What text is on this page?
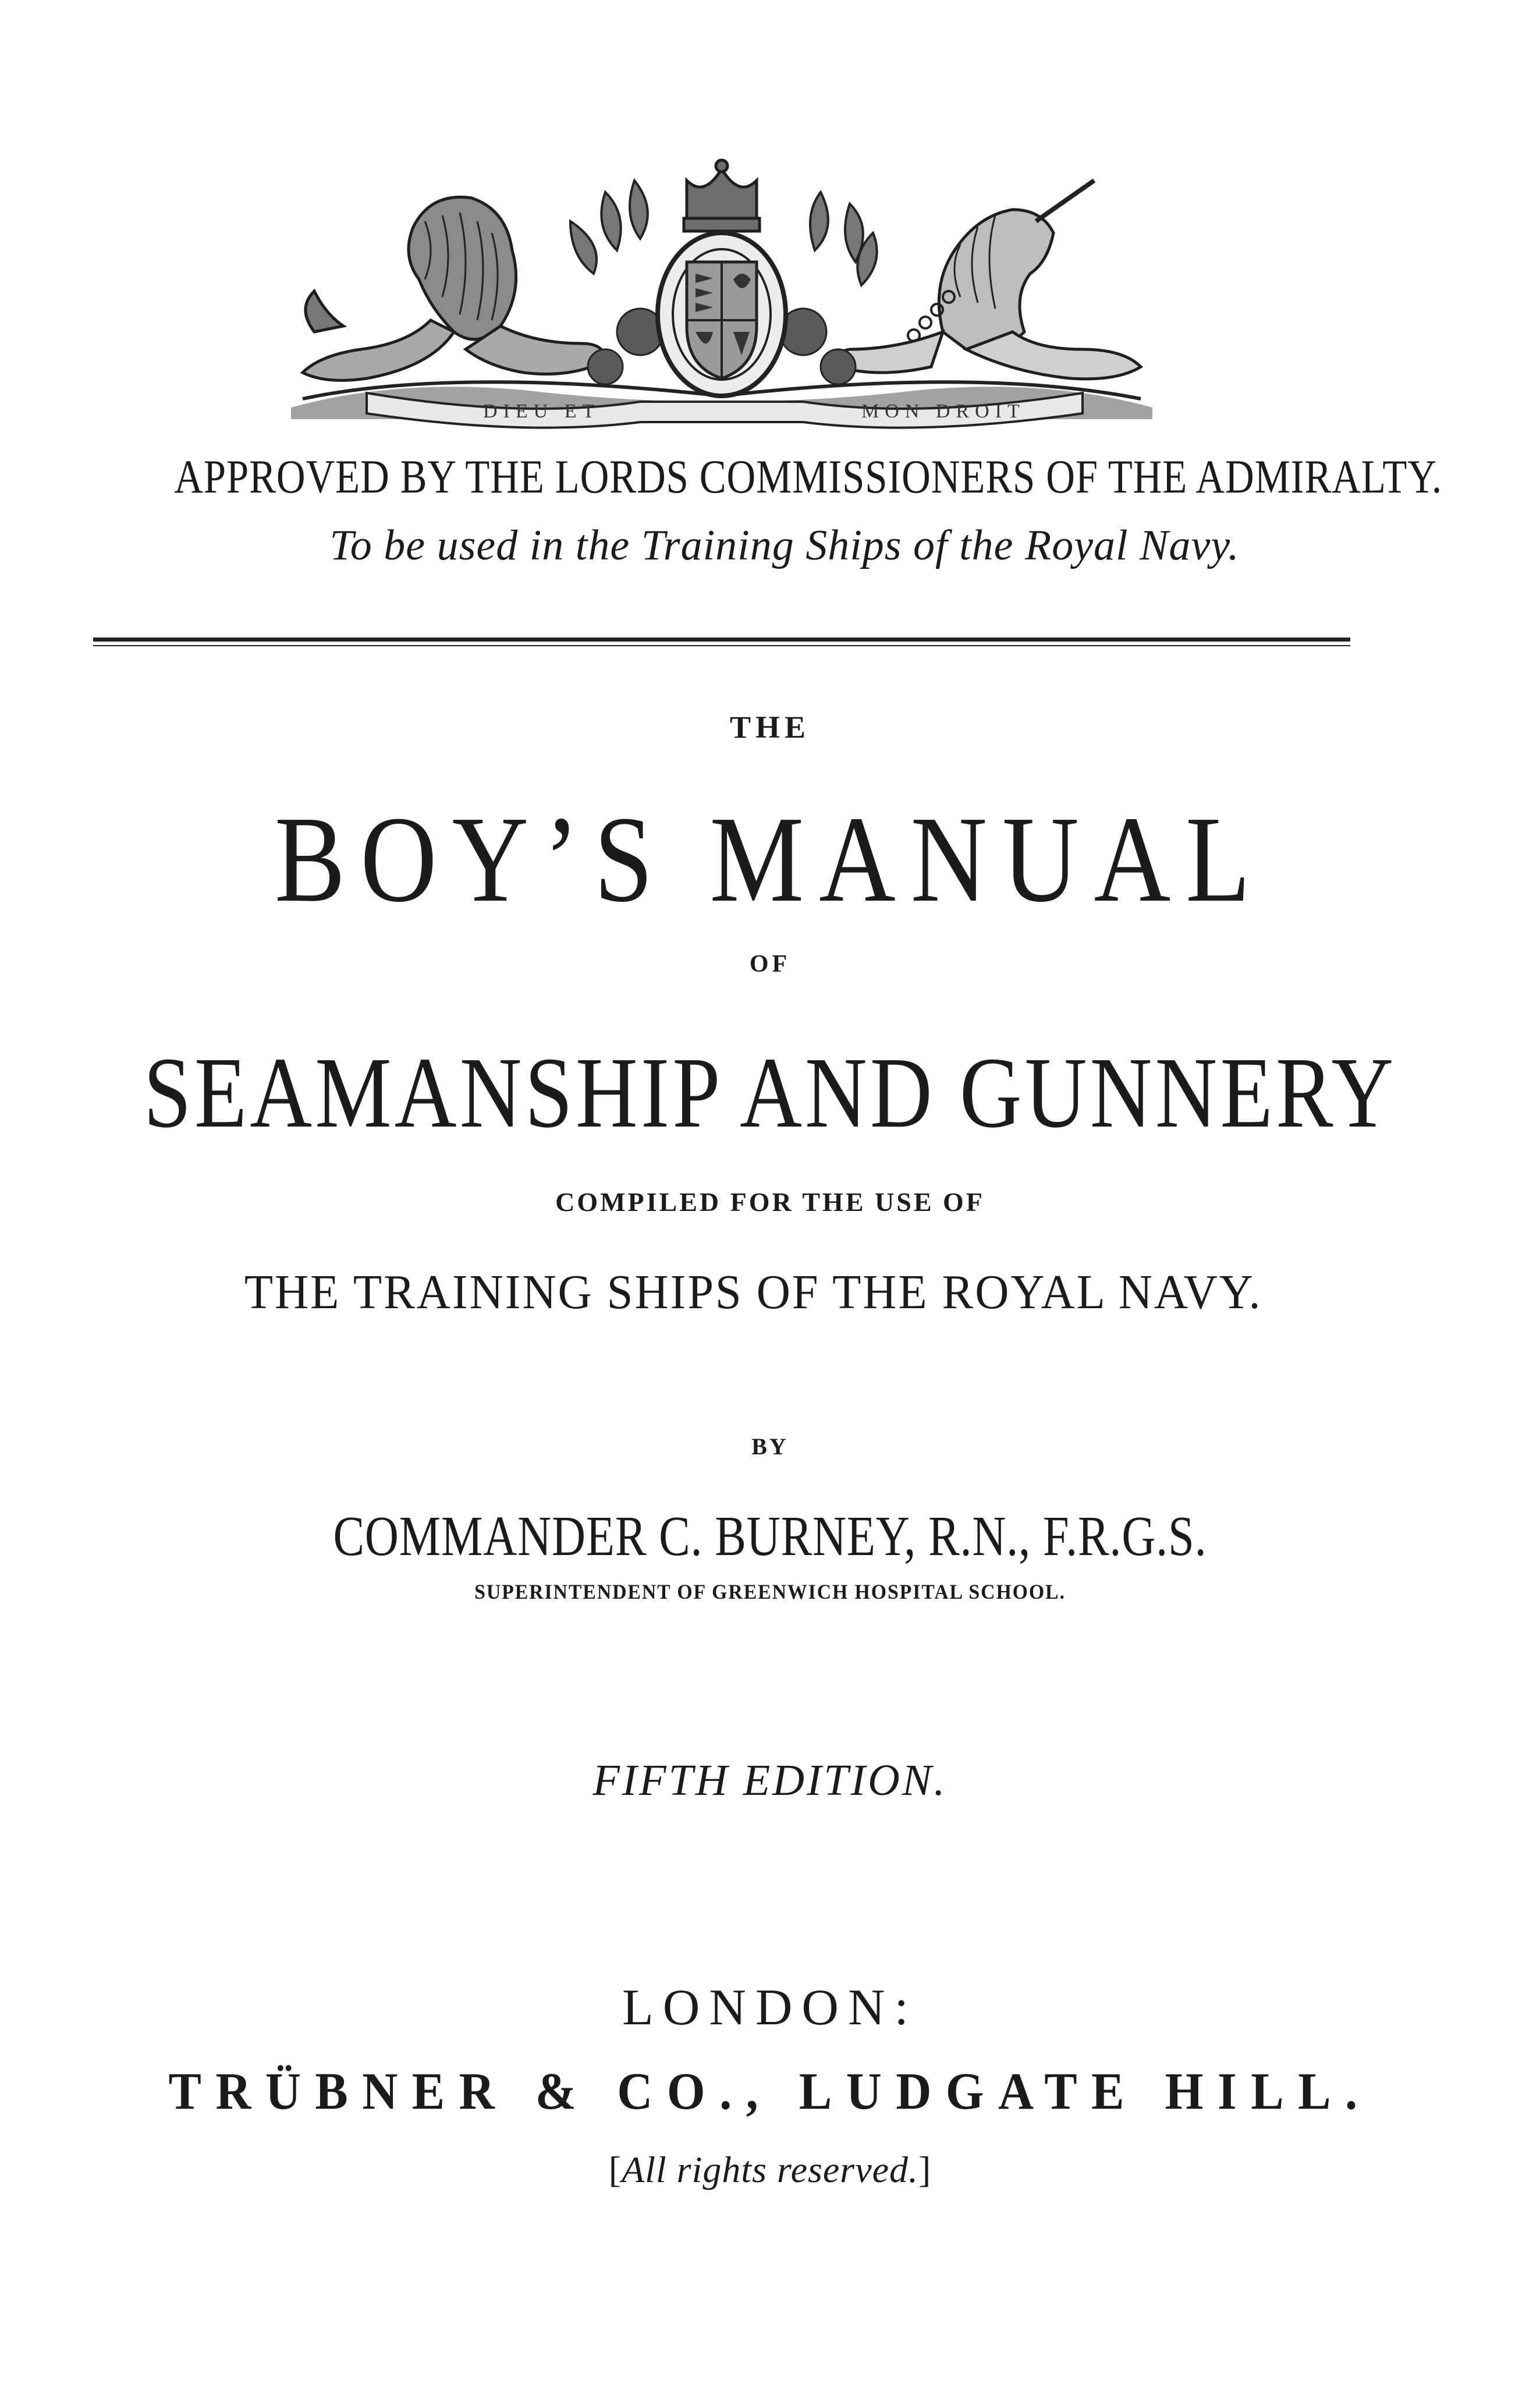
DIEU ET	MON DROIT
APPROVED BY THE LORDS COMMISSIONERS OF THE ADMIRALTY.
To be used in the Training Ships of the Royal Navy.
THE
BOY’S MANUAL
OF
SEAMANSHIP AND GUNNERY
COMPILED FOR THE USE OF
THE TRAINING SHIPS OF THE ROYAL NAVY.
BY
COMMANDER C. BURNEY, R.N., F.R.G.S.
SUPERINTENDENT OF GREENWICH HOSPITAL SCHOOL.
FIFTH EDITION.
LONDON:
TRÜBNER & CO., LUDGATE HILL.
[All rights reserved.]
